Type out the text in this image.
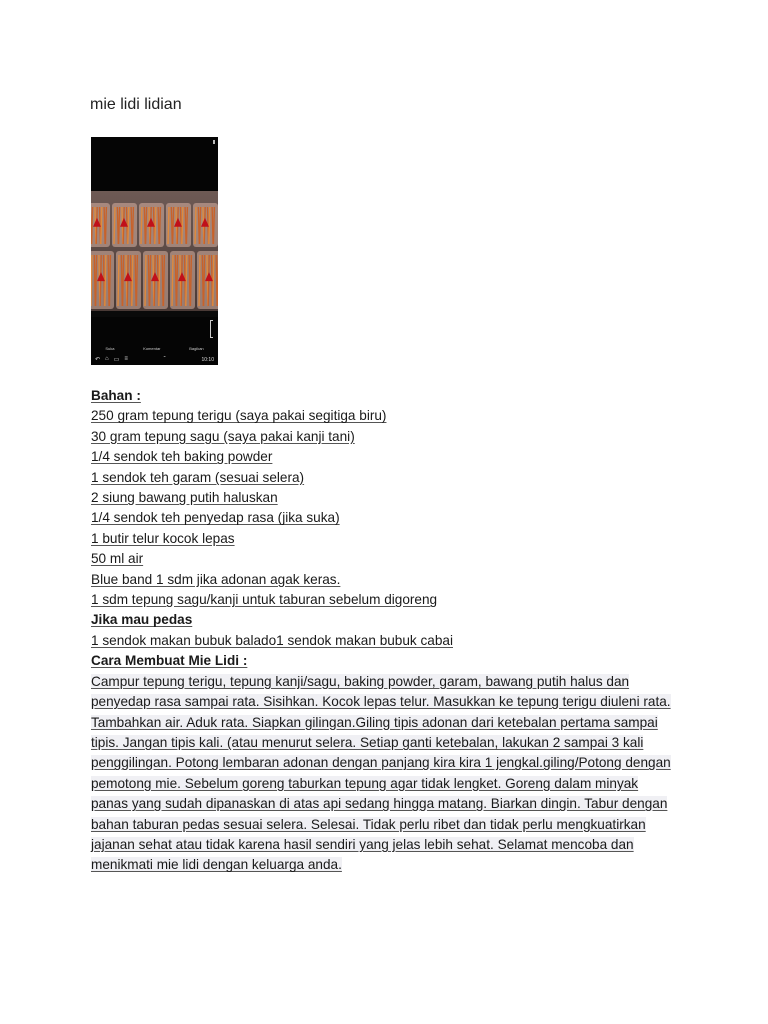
mie lidi lidian
Suka	Komentar	Bagikan
↶ ⌂ ▭ ≡	ˆ	10:10
Bahan :
250 gram tepung terigu (saya pakai segitiga biru)
30 gram tepung sagu (saya pakai kanji tani)
1/4 sendok teh baking powder
1 sendok teh garam (sesuai selera)
2 siung bawang putih haluskan
1/4 sendok teh penyedap rasa (jika suka)
1 butir telur kocok lepas
50 ml air
Blue band 1 sdm jika adonan agak keras.
1 sdm tepung sagu/kanji untuk taburan sebelum digoreng
Jika mau pedas
1 sendok makan bubuk balado1 sendok makan bubuk cabai
Cara Membuat Mie Lidi :
Campur tepung terigu, tepung kanji/sagu, baking powder, garam, bawang putih halus dan
penyedap rasa sampai rata. Sisihkan. Kocok lepas telur. Masukkan ke tepung terigu diuleni rata.
Tambahkan air. Aduk rata. Siapkan gilingan.Giling tipis adonan dari ketebalan pertama sampai
tipis. Jangan tipis kali. (atau menurut selera. Setiap ganti ketebalan, lakukan 2 sampai 3 kali
penggilingan. Potong lembaran adonan dengan panjang kira kira 1 jengkal.giling/Potong dengan
pemotong mie. Sebelum goreng taburkan tepung agar tidak lengket. Goreng dalam minyak
panas yang sudah dipanaskan di atas api sedang hingga matang. Biarkan dingin. Tabur dengan
bahan taburan pedas sesuai selera. Selesai. Tidak perlu ribet dan tidak perlu mengkuatirkan
jajanan sehat atau tidak karena hasil sendiri yang jelas lebih sehat. Selamat mencoba dan
menikmati mie lidi dengan keluarga anda.
